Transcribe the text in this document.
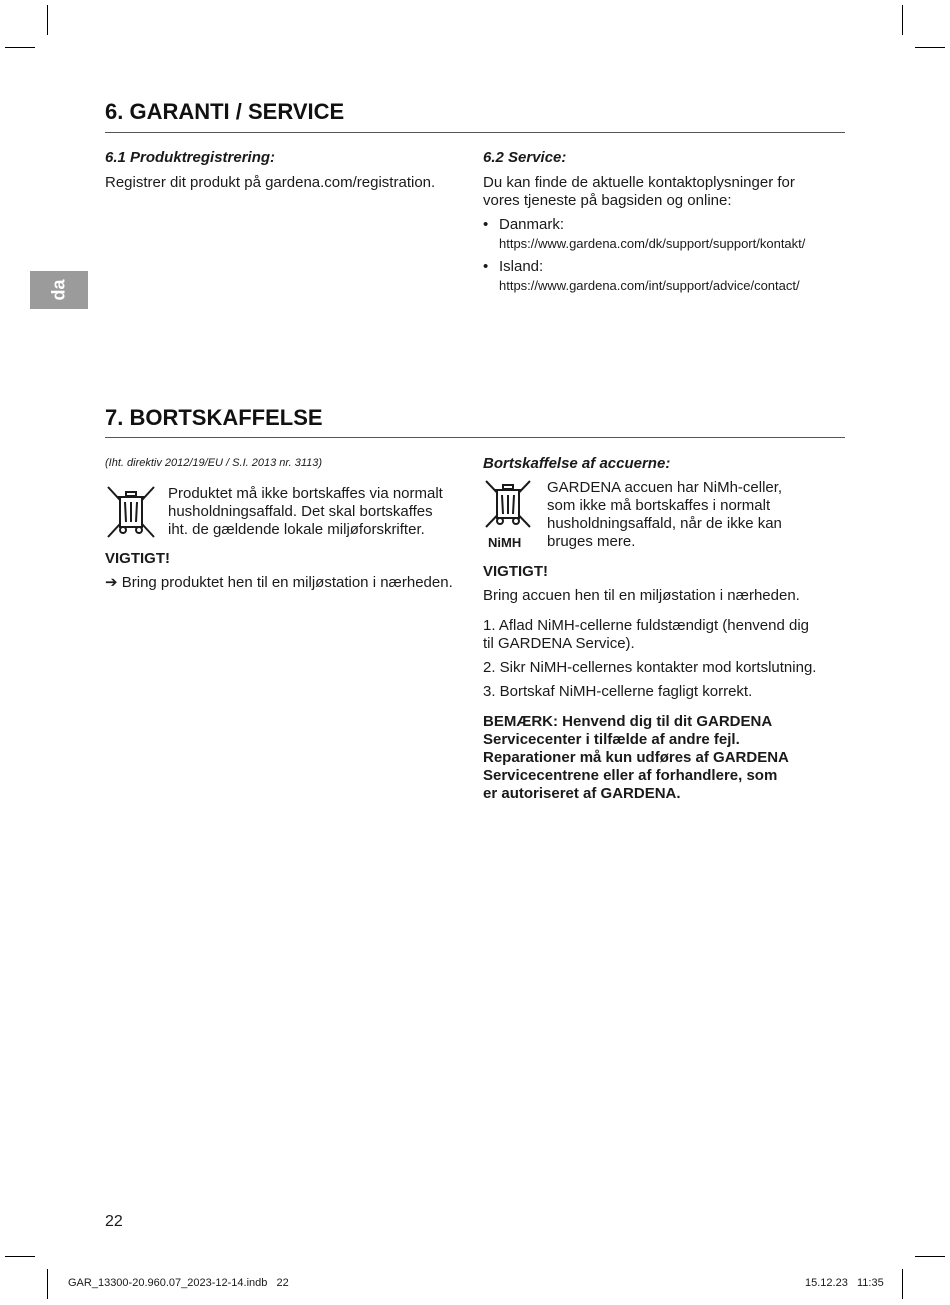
da
6. GARANTI / SERVICE
6.1 Produktregistrering:
Registrer dit produkt på gardena.com/registration.
6.2 Service:
Du kan finde de aktuelle kontaktoplysninger for
vores tjeneste på bagsiden og online:
• Danmark:
https://www.gardena.com/dk/support/support/kontakt/
• Island:
https://www.gardena.com/int/support/advice/contact/
7. BORTSKAFFELSE
(Iht. direktiv 2012/19/EU / S.I. 2013 nr. 3113)
Produktet må ikke bortskaffes via normalt
husholdningsaffald. Det skal bortskaffes
iht. de gældende lokale miljøforskrifter.
VIGTIGT!
➔ Bring produktet hen til en miljøstation i nærheden.
Bortskaffelse af accuerne:
NiMH
GARDENA accuen har NiMh-celler,
som ikke må bortskaffes i normalt
husholdningsaffald, når de ikke kan
bruges mere.
VIGTIGT!
Bring accuen hen til en miljøstation i nærheden.
1. Aflad NiMH-cellerne fuldstændigt (henvend dig
til GARDENA Service).
2. Sikr NiMH-cellernes kontakter mod kortslutning.
3. Bortskaf NiMH-cellerne fagligt korrekt.
BEMÆRK: Henvend dig til dit GARDENA
Servicecenter i tilfælde af andre fejl.
Reparationer må kun udføres af GARDENA
Servicecentrene eller af forhandlere, som
er autoriseret af GARDENA.
22
GAR_13300-20.960.07_2023-12-14.indb   22	15.12.23   11:35
